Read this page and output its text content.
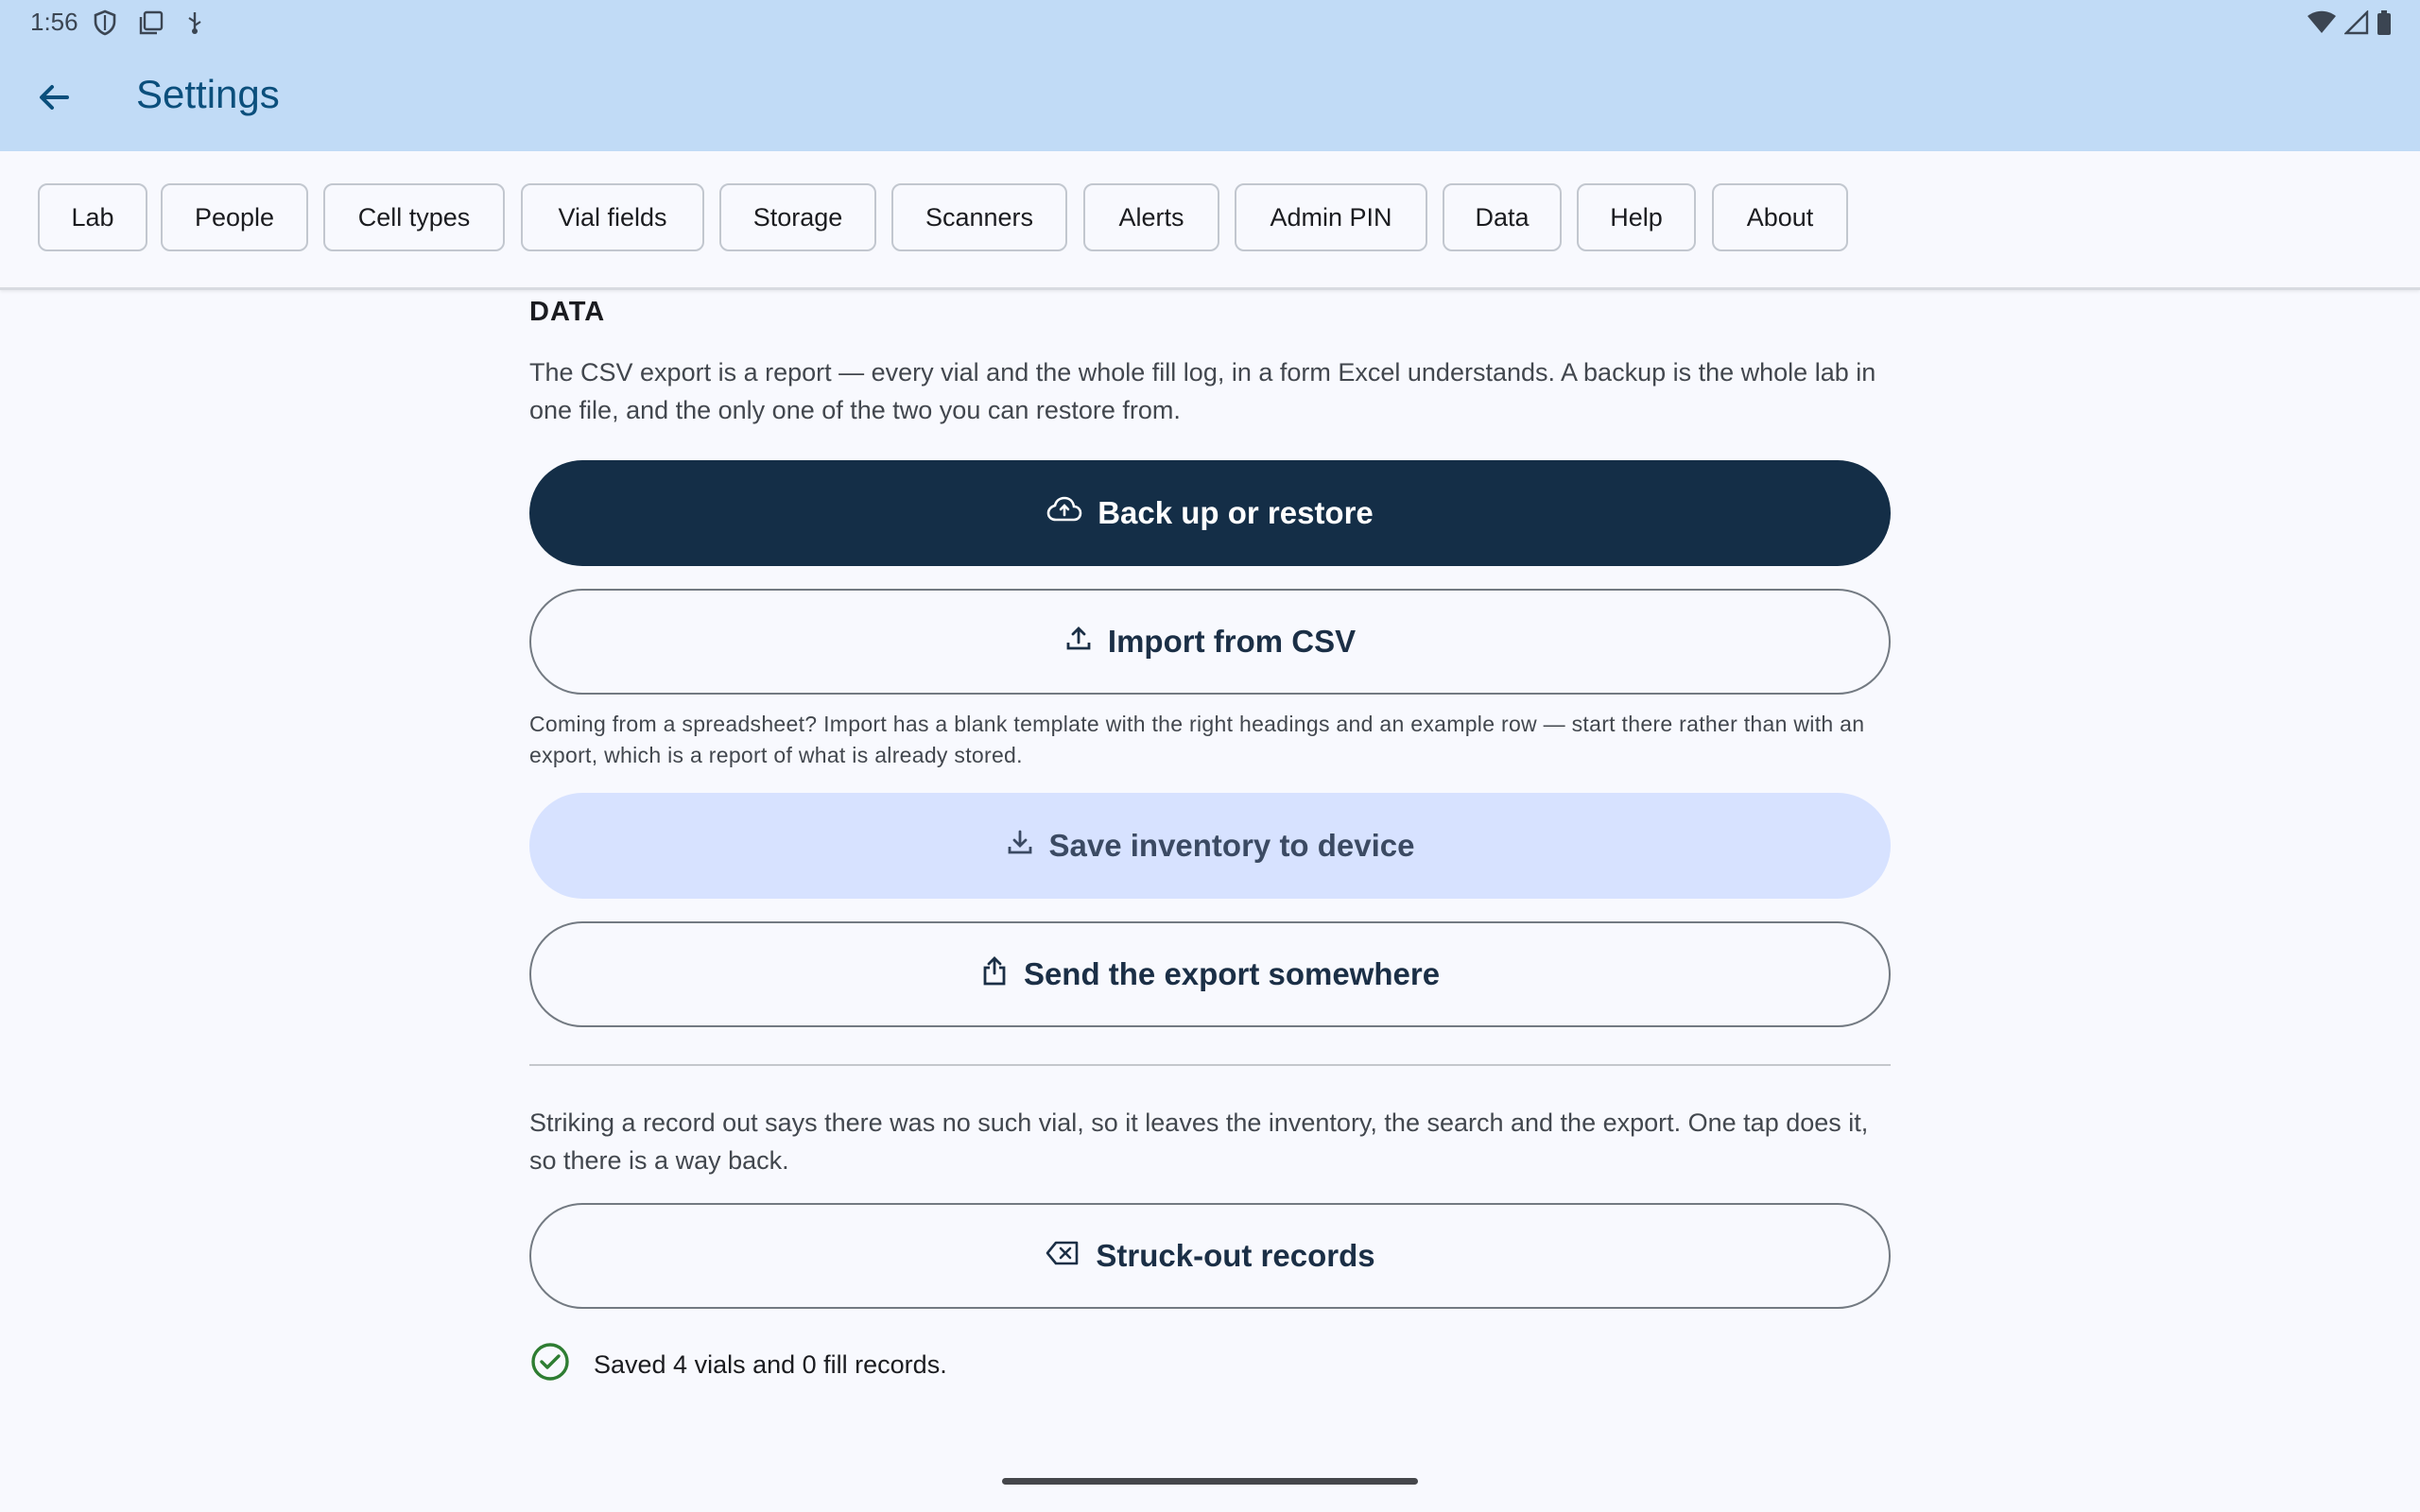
1:56
Settings
Lab	People	Cell types	Vial fields	Storage	Scanners	Alerts	Admin PIN	Data	Help	About
DATA
The CSV export is a report — every vial and the whole fill log, in a form Excel understands. A backup is the whole lab in one file, and the only one of the two you can restore from.
Back up or restore
Import from CSV
Coming from a spreadsheet? Import has a blank template with the right headings and an example row — start there rather than with an export, which is a report of what is already stored.
Save inventory to device
Send the export somewhere
Striking a record out says there was no such vial, so it leaves the inventory, the search and the export. One tap does it, so there is a way back.
Struck-out records
Saved 4 vials and 0 fill records.
